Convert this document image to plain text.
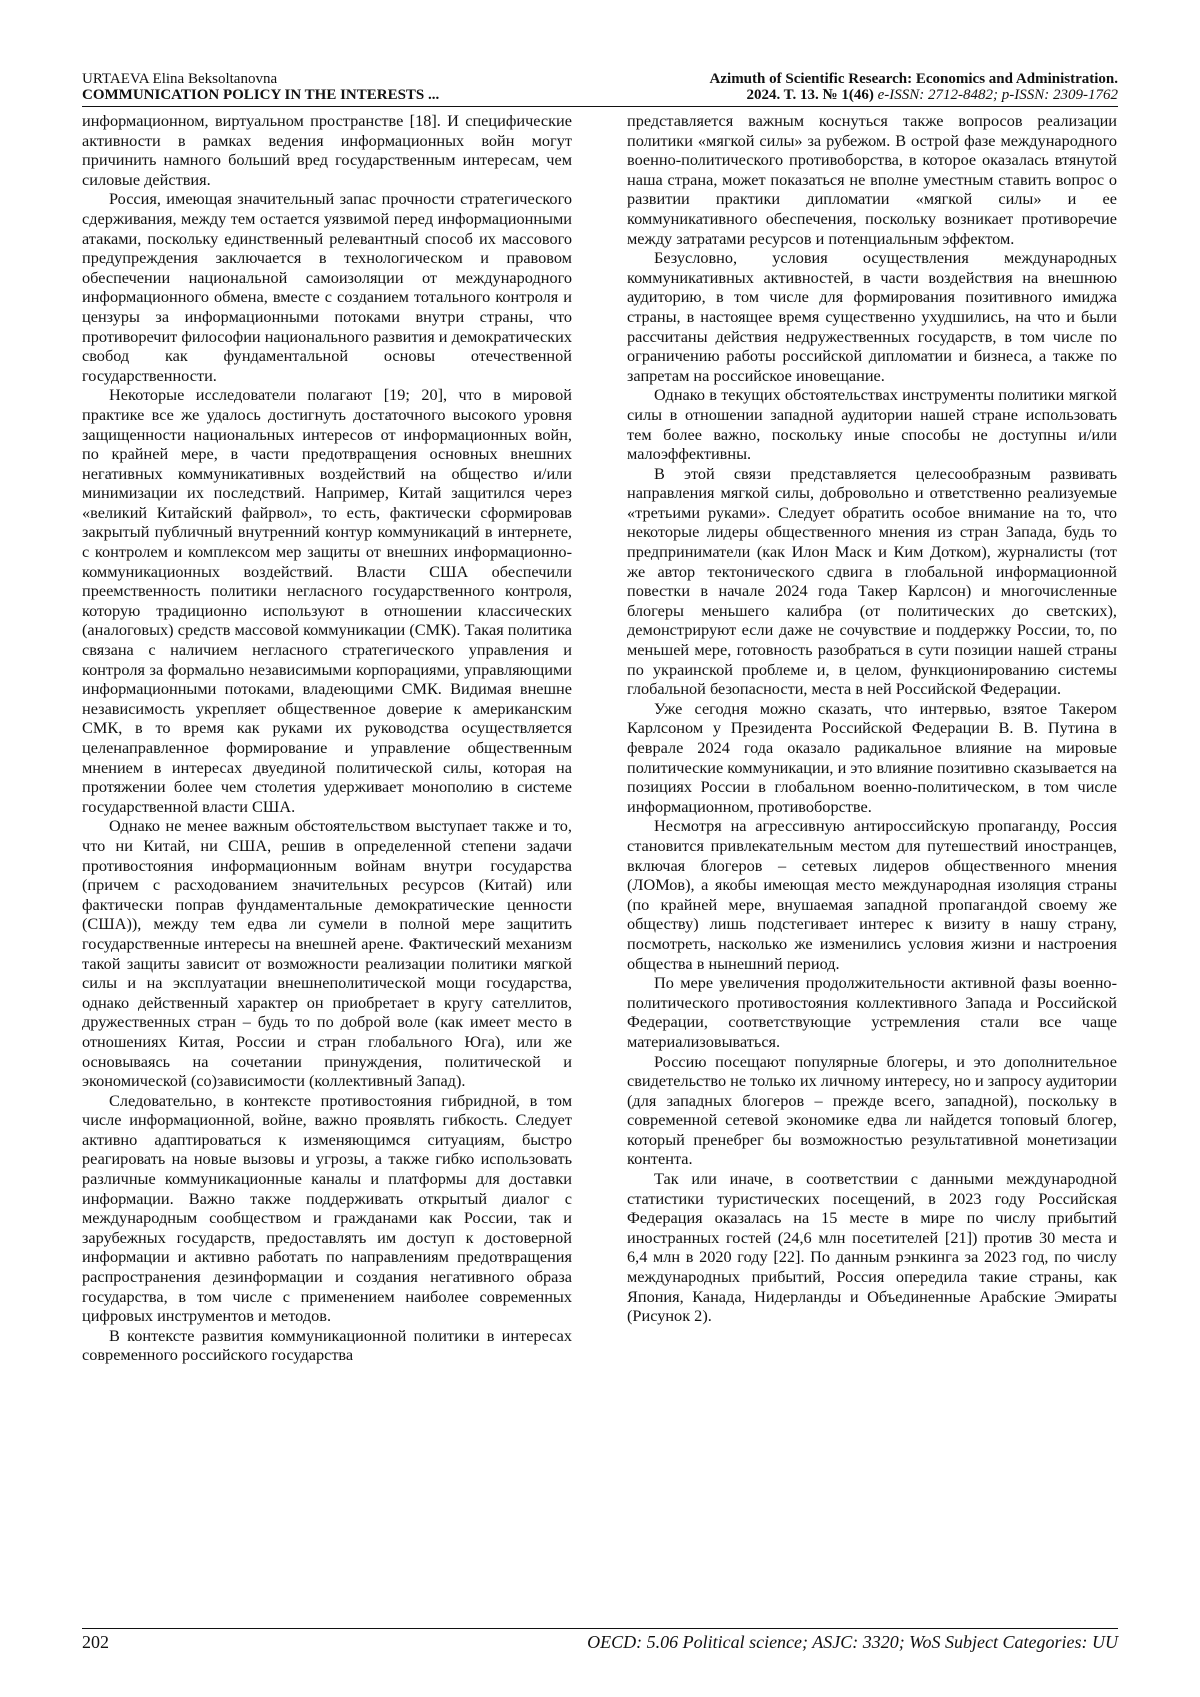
URTAEVA Elina Beksoltanovna
COMMUNICATION POLICY IN THE INTERESTS ...
Azimuth of Scientific Research: Economics and Administration.
2024. T. 13. № 1(46) e-ISSN: 2712-8482; p-ISSN: 2309-1762

информационном, виртуальном пространстве [18]. И специфические активности в рамках ведения информационных войн могут причинить намного больший вред государственным интересам, чем силовые действия.

Россия, имеющая значительный запас прочности стратегического сдерживания, между тем остается уязвимой перед информационными атаками, поскольку единственный релевантный способ их массового предупреждения заключается в технологическом и правовом обеспечении национальной самоизоляции от международного информационного обмена, вместе с созданием тотального контроля и цензуры за информационными потоками внутри страны, что противоречит философии национального развития и демократических свобод как фундаментальной основы отечественной государственности.

Некоторые исследователи полагают [19; 20], что в мировой практике все же удалось достигнуть достаточного высокого уровня защищенности национальных интересов от информационных войн, по крайней мере, в части предотвращения основных внешних негативных коммуникативных воздействий на общество и/или минимизации их последствий. Например, Китай защитился через «великий Китайский файрвол», то есть, фактически сформировав закрытый публичный внутренний контур коммуникаций в интернете, с контролем и комплексом мер защиты от внешних информационно-коммуникационных воздействий. Власти США обеспечили преемственность политики негласного государственного контроля, которую традиционно используют в отношении классических (аналоговых) средств массовой коммуникации (СМК). Такая политика связана с наличием негласного стратегического управления и контроля за формально независимыми корпорациями, управляющими информационными потоками, владеющими СМК. Видимая внешне независимость укрепляет общественное доверие к американским СМК, в то время как руками их руководства осуществляется целенаправленное формирование и управление общественным мнением в интересах двуединой политической силы, которая на протяжении более чем столетия удерживает монополию в системе государственной власти США.

Однако не менее важным обстоятельством выступает также и то, что ни Китай, ни США, решив в определенной степени задачи противостояния информационным войнам внутри государства (причем с расходованием значительных ресурсов (Китай) или фактически поправ фундаментальные демократические ценности (США)), между тем едва ли сумели в полной мере защитить государственные интересы на внешней арене. Фактический механизм такой защиты зависит от возможности реализации политики мягкой силы и на эксплуатации внешнеполитической мощи государства, однако действенный характер он приобретает в кругу сателлитов, дружественных стран – будь то по доброй воле (как имеет место в отношениях Китая, России и стран глобального Юга), или же основываясь на сочетании принуждения, политической и экономической (со)зависимости (коллективный Запад).

Следовательно, в контексте противостояния гибридной, в том числе информационной, войне, важно проявлять гибкость. Следует активно адаптироваться к изменяющимся ситуациям, быстро реагировать на новые вызовы и угрозы, а также гибко использовать различные коммуникационные каналы и платформы для доставки информации. Важно также поддерживать открытый диалог с международным сообществом и гражданами как России, так и зарубежных государств, предоставлять им доступ к достоверной информации и активно работать по направлениям предотвращения распространения дезинформации и создания негативного образа государства, в том числе с применением наиболее современных цифровых инструментов и методов.

В контексте развития коммуникационной политики в интересах современного российского государства

представляется важным коснуться также вопросов реализации политики «мягкой силы» за рубежом. В острой фазе международного военно-политического противоборства, в которое оказалась втянутой наша страна, может показаться не вполне уместным ставить вопрос о развитии практики дипломатии «мягкой силы» и ее коммуникативного обеспечения, поскольку возникает противоречие между затратами ресурсов и потенциальным эффектом.

Безусловно, условия осуществления международных коммуникативных активностей, в части воздействия на внешнюю аудиторию, в том числе для формирования позитивного имиджа страны, в настоящее время существенно ухудшились, на что и были рассчитаны действия недружественных государств, в том числе по ограничению работы российской дипломатии и бизнеса, а также по запретам на российское иновещание.

Однако в текущих обстоятельствах инструменты политики мягкой силы в отношении западной аудитории нашей стране использовать тем более важно, поскольку иные способы не доступны и/или малоэффективны.

В этой связи представляется целесообразным развивать направления мягкой силы, добровольно и ответственно реализуемые «третьими руками». Следует обратить особое внимание на то, что некоторые лидеры общественного мнения из стран Запада, будь то предприниматели (как Илон Маск и Ким Дотком), журналисты (тот же автор тектонического сдвига в глобальной информационной повестки в начале 2024 года Такер Карлсон) и многочисленные блогеры меньшего калибра (от политических до светских), демонстрируют если даже не сочувствие и поддержку России, то, по меньшей мере, готовность разобраться в сути позиции нашей страны по украинской проблеме и, в целом, функционированию системы глобальной безопасности, места в ней Российской Федерации.

Уже сегодня можно сказать, что интервью, взятое Такером Карлсоном у Президента Российской Федерации В. В. Путина в феврале 2024 года оказало радикальное влияние на мировые политические коммуникации, и это влияние позитивно сказывается на позициях России в глобальном военно-политическом, в том числе информационном, противоборстве.

Несмотря на агрессивную антироссийскую пропаганду, Россия становится привлекательным местом для путешествий иностранцев, включая блогеров – сетевых лидеров общественного мнения (ЛОМов), а якобы имеющая место международная изоляция страны (по крайней мере, внушаемая западной пропагандой своему же обществу) лишь подстегивает интерес к визиту в нашу страну, посмотреть, насколько же изменились условия жизни и настроения общества в нынешний период.

По мере увеличения продолжительности активной фазы военно-политического противостояния коллективного Запада и Российской Федерации, соответствующие устремления стали все чаще материализовываться.

Россию посещают популярные блогеры, и это дополнительное свидетельство не только их личному интересу, но и запросу аудитории (для западных блогеров – прежде всего, западной), поскольку в современной сетевой экономике едва ли найдется топовый блогер, который пренебрег бы возможностью результативной монетизации контента.

Так или иначе, в соответствии с данными международной статистики туристических посещений, в 2023 году Российская Федерация оказалась на 15 месте в мире по числу прибытий иностранных гостей (24,6 млн посетителей [21]) против 30 места и 6,4 млн в 2020 году [22]. По данным рэнкинга за 2023 год, по числу международных прибытий, Россия опередила такие страны, как Япония, Канада, Нидерланды и Объединенные Арабские Эмираты (Рисунок 2).

202	OECD: 5.06 Political science; ASJC: 3320; WoS Subject Categories: UU
